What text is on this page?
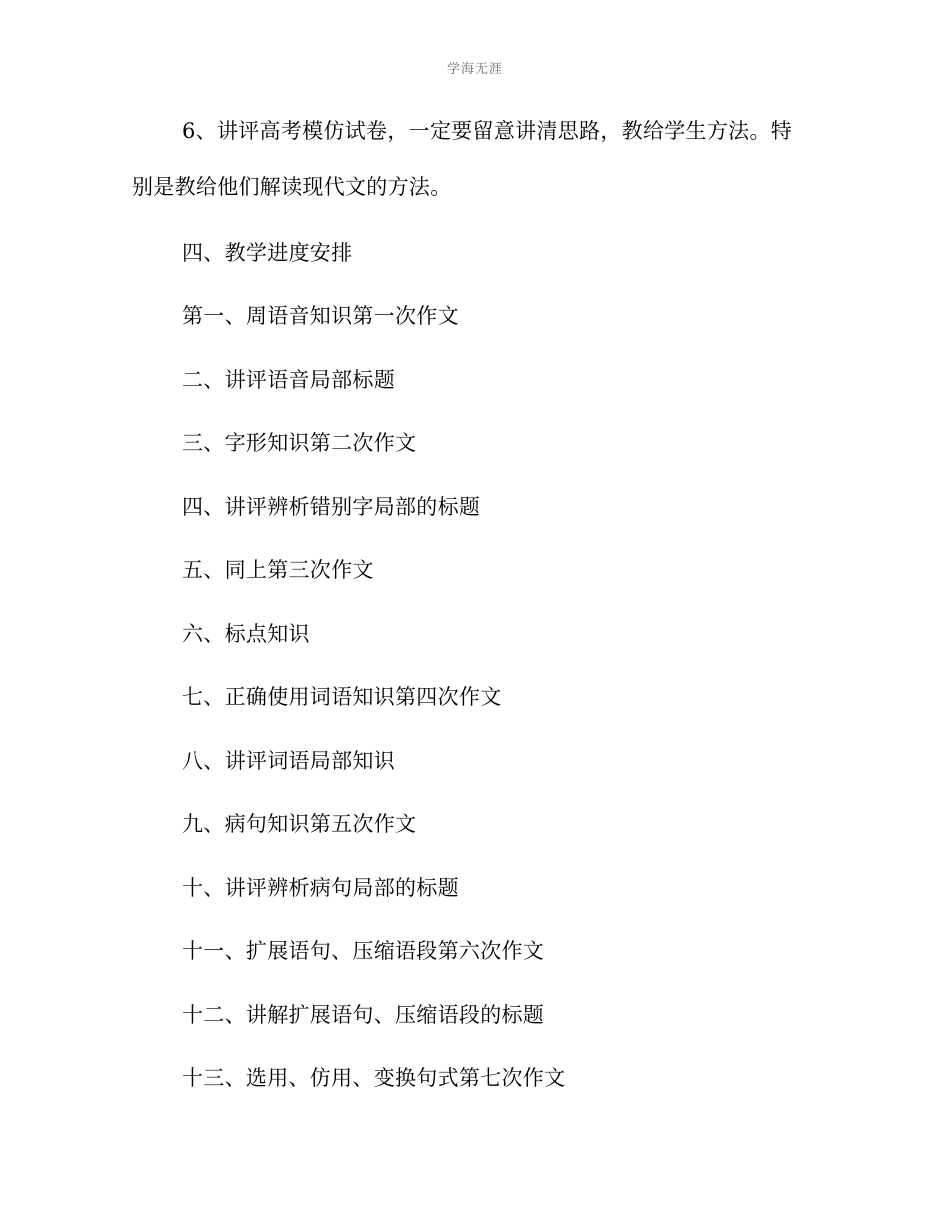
学海无涯

6、讲评高考模仿试卷，一定要留意讲清思路，教给学生方法。特

别是教给他们解读现代文的方法。

四、教学进度安排

第一、周语音知识第一次作文

二、讲评语音局部标题

三、字形知识第二次作文

四、讲评辨析错别字局部的标题

五、同上第三次作文

六、标点知识

七、正确使用词语知识第四次作文

八、讲评词语局部知识

九、病句知识第五次作文

十、讲评辨析病句局部的标题

十一、扩展语句、压缩语段第六次作文

十二、讲解扩展语句、压缩语段的标题

十三、选用、仿用、变换句式第七次作文
